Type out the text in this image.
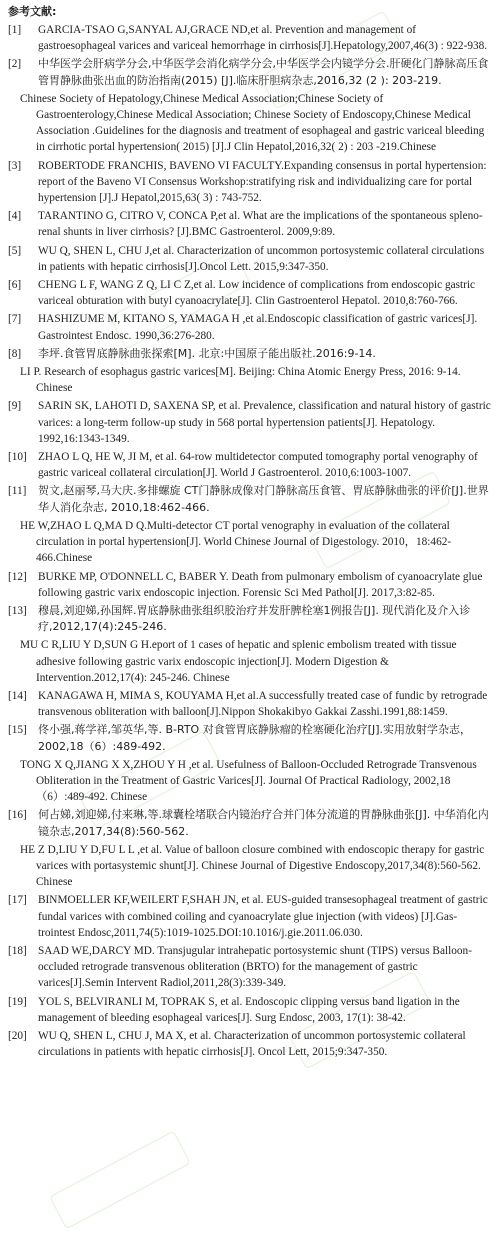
参考文献:
[1]	GARCIA-TSAO G,SANYAL AJ,GRACE ND,et al. Prevention and management of gastroesophageal varices and variceal hemorrhage in cirrhosis[J].Hepatology,2007,46(3) : 922-938.
[2]	中华医学会肝病学分会,中华医学会消化病学分会,中华医学会内镜学分会.肝硬化门静脉高压食管胃静脉曲张出血的防治指南(2015) [J].临床肝胆病杂志,2016,32 (2 ): 203-219.
Chinese Society of Hepatology,Chinese Medical Association;Chinese Society of Gastroenterology,Chinese Medical Association; Chinese Society of Endoscopy,Chinese Medical Association .Guidelines for the diagnosis and treatment of esophageal and gastric variceal bleeding in cirrhotic portal hypertension( 2015) [J].J Clin Hepatol,2016,32( 2) : 203 -219.Chinese
[3]	ROBERTODE FRANCHIS, BAVENO VI FACULTY.Expanding consensus in portal hypertension: report of the Baveno VI Consensus Workshop:stratifying risk and individualizing care for portal hypertension [J].J Hepatol,2015,63( 3) : 743-752.
[4]	TARANTINO G, CITRO V, CONCA P,et al. What are the implications of the spontaneous spleno-renal shunts in liver cirrhosis? [J].BMC Gastroenterol. 2009,9:89.
[5]	WU Q, SHEN L, CHU J,et al. Characterization of uncommon portosystemic collateral circulations in patients with hepatic cirrhosis[J].Oncol Lett. 2015,9:347-350.
[6]	CHENG L F, WANG Z Q, LI C Z,et al. Low incidence of complications from endoscopic gastric variceal obturation with butyl cyanoacrylate[J]. Clin Gastroenterol Hepatol. 2010,8:760-766.
[7]	HASHIZUME M, KITANO S, YAMAGA H ,et al.Endoscopic classification of gastric varices[J]. Gastrointest Endosc. 1990,36:276-280.
[8]	李坪.食管胃底静脉曲张探索[M]. 北京:中国原子能出版社.2016:9-14.
LI P. Research of esophagus gastric varices[M]. Beijing: China Atomic Energy Press, 2016: 9-14. Chinese
[9]	SARIN SK, LAHOTI D, SAXENA SP, et al. Prevalence, classification and natural history of gastric varices: a long-term follow-up study in 568 portal hypertension patients[J]. Hepatology. 1992,16:1343-1349.
[10] ZHAO L Q, HE W, JI M, et al. 64-row multidetector computed tomography portal venography of gastric variceal collateral circulation[J]. World J Gastroenterol. 2010,6:1003-1007.
[11]	贺文,赵丽琴,马大庆.多排螺旋 CT门静脉成像对门静脉高压食管、胃底静脉曲张的评价[J].世界华人消化杂志, 2010,18:462-466.
HE W,ZHAO L Q,MA D Q.Multi-detector CT portal venography in evaluation of the collateral circulation in portal hypertension[J]. World Chinese Journal of Digestology. 2010，18:462-466.Chinese
[12] BURKE MP, O'DONNELL C, BABER Y. Death from pulmonary embolism of cyanoacrylate glue following gastric varix endoscopic injection. Forensic Sci Med Pathol[J]. 2017,3:82-85.
[13]	穆晨,刘迎娣,孙国辉.胃底静脉曲张组织胶治疗并发肝脾栓塞1例报告[J]. 现代消化及介入诊疗,2012,17(4):245-246.
MU C R,LIU Y D,SUN G H.eport of 1 cases of hepatic and splenic embolism treated with tissue adhesive following gastric varix endoscopic injection[J]. Modern Digestion & Intervention.2012,17(4): 245-246. Chinese
[14] KANAGAWA H, MIMA S, KOUYAMA H,et al.A successfully treated case of fundic by retrograde transvenous obliteration with balloon[J].Nippon Shokakibyo Gakkai Zasshi.1991,88:1459.
[15]	佟小强,蒋学祥,邹英华,等. B-RTO 对食管胃底静脉瘤的栓塞硬化治疗[J].实用放射学杂志，2002,18（6）:489-492.
TONG X Q,JIANG X X,ZHOU Y H ,et al. Usefulness of Balloon-Occluded Retrograde Transvenous Obliteration in the Treatment of Gastric Varices[J]. Journal Of Practical Radiology, 2002,18（6）:489-492. Chinese
[16]	何占娣,刘迎娣,付来琳,等.球囊栓堵联合内镜治疗合并门体分流道的胃静脉曲张[J]. 中华消化内镜杂志,2017,34(8):560-562.
HE Z D,LIU Y D,FU L L ,et al. Value of balloon closure combined with endoscopic therapy for gastric varices with portasystemic shunt[J]. Chinese Journal of Digestive Endoscopy,2017,34(8):560-562. Chinese
[17] BINMOELLER KF,WEILERT F,SHAH JN, et al. EUS-guided transesophageal treatment of gastric fundal varices with combined coiling and cyanoacrylate glue injection (with videos) [J].Gas-trointest Endosc,2011,74(5):1019-1025.DOI:10.1016/j.gie.2011.06.030.
[18] SAAD WE,DARCY MD. Transjugular intrahepatic portosystemic shunt (TIPS) versus Balloon-occluded retrograde transvenous obliteration (BRTO) for the management of gastric varices[J].Semin Intervent Radiol,2011,28(3):339-349.
[19] YOL S, BELVIRANLI M, TOPRAK S, et al. Endoscopic clipping versus band ligation in the management of bleeding esophageal varices[J]. Surg Endosc, 2003, 17(1): 38-42.
[20] WU Q, SHEN L, CHU J, MA X, et al. Characterization of uncommon portosystemic collateral circulations in patients with hepatic cirrhosis[J]. Oncol Lett, 2015;9:347-350.
